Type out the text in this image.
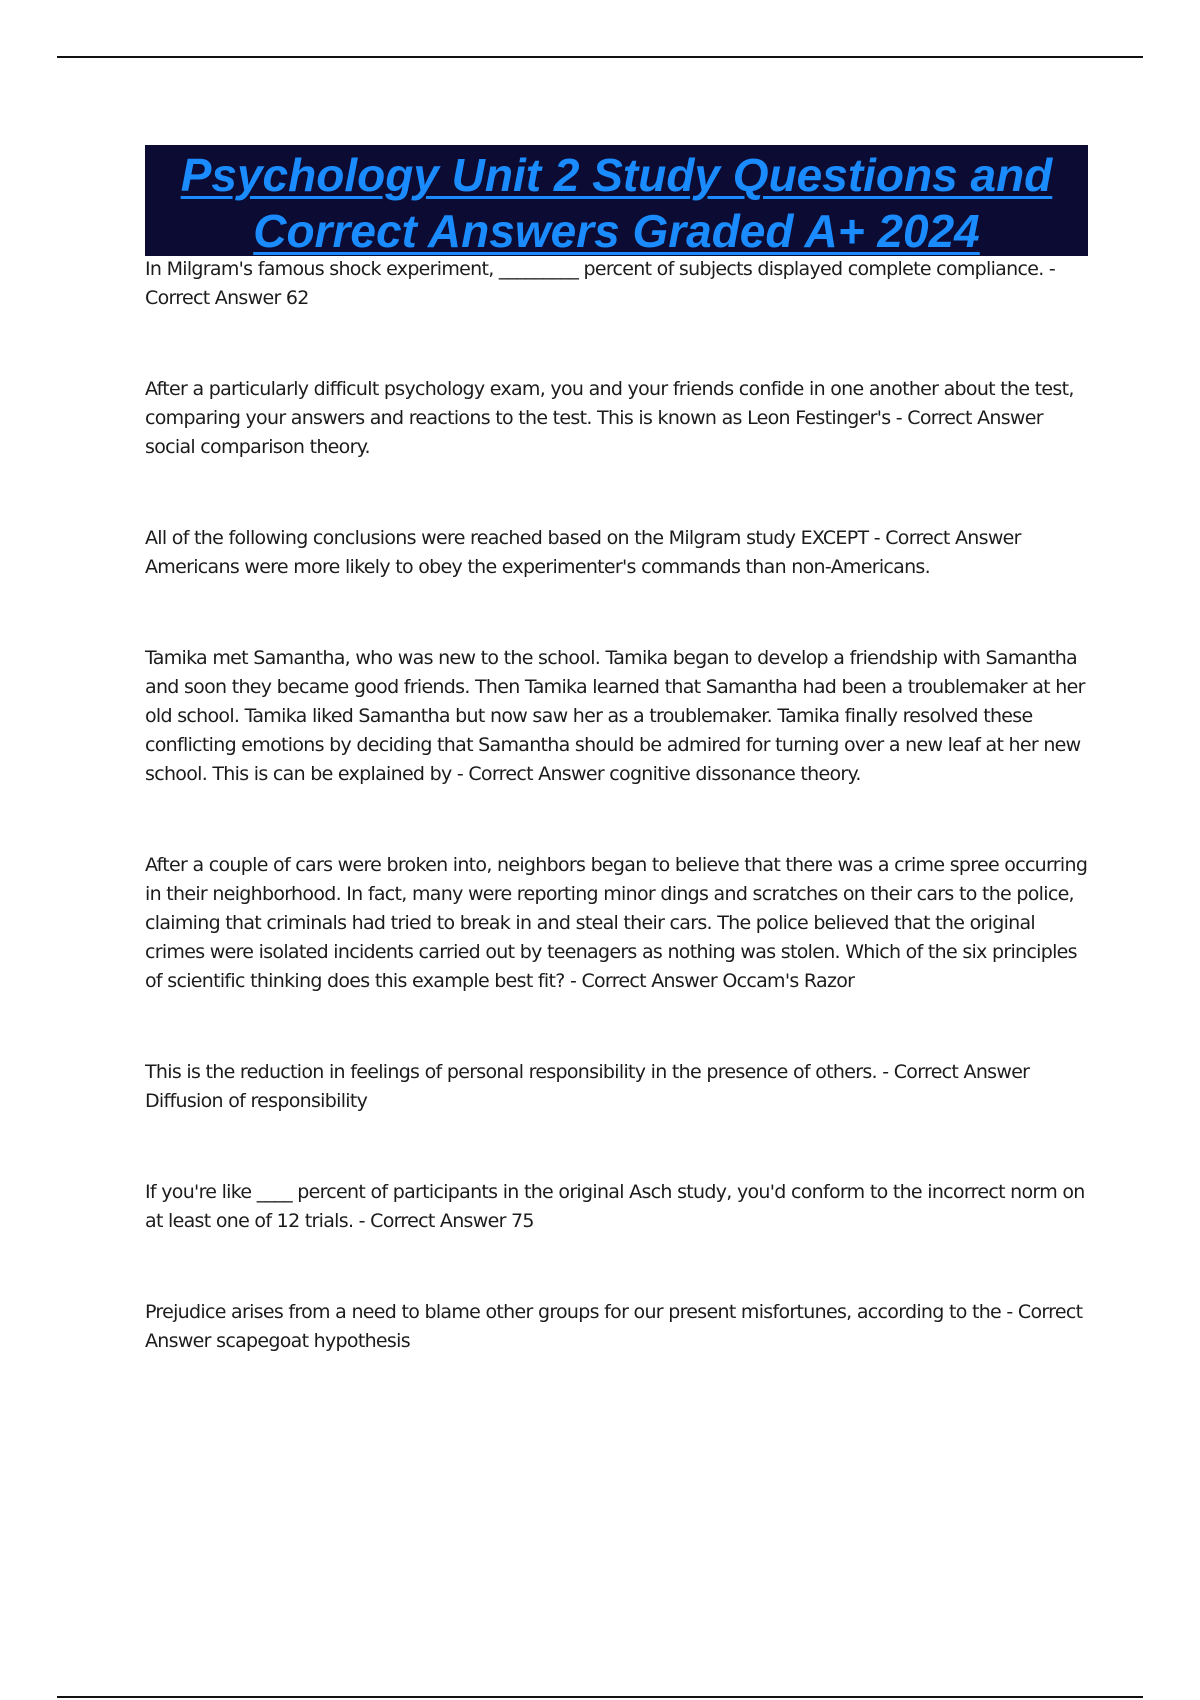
Psychology Unit 2 Study Questions and
Correct Answers Graded A+ 2024

In Milgram's famous shock experiment, _________ percent of subjects displayed complete compliance. - Correct Answer 62

After a particularly difficult psychology exam, you and your friends confide in one another about the test, comparing your answers and reactions to the test. This is known as Leon Festinger's - Correct Answer social comparison theory.

All of the following conclusions were reached based on the Milgram study EXCEPT - Correct Answer Americans were more likely to obey the experimenter's commands than non-Americans.

Tamika met Samantha, who was new to the school. Tamika began to develop a friendship with Samantha and soon they became good friends. Then Tamika learned that Samantha had been a troublemaker at her old school. Tamika liked Samantha but now saw her as a troublemaker. Tamika finally resolved these conflicting emotions by deciding that Samantha should be admired for turning over a new leaf at her new school. This is can be explained by - Correct Answer cognitive dissonance theory.

After a couple of cars were broken into, neighbors began to believe that there was a crime spree occurring in their neighborhood. In fact, many were reporting minor dings and scratches on their cars to the police, claiming that criminals had tried to break in and steal their cars. The police believed that the original crimes were isolated incidents carried out by teenagers as nothing was stolen. Which of the six principles of scientific thinking does this example best fit? - Correct Answer Occam's Razor

This is the reduction in feelings of personal responsibility in the presence of others. - Correct Answer Diffusion of responsibility

If you're like ____ percent of participants in the original Asch study, you'd conform to the incorrect norm on at least one of 12 trials. - Correct Answer 75

Prejudice arises from a need to blame other groups for our present misfortunes, according to the - Correct Answer scapegoat hypothesis
